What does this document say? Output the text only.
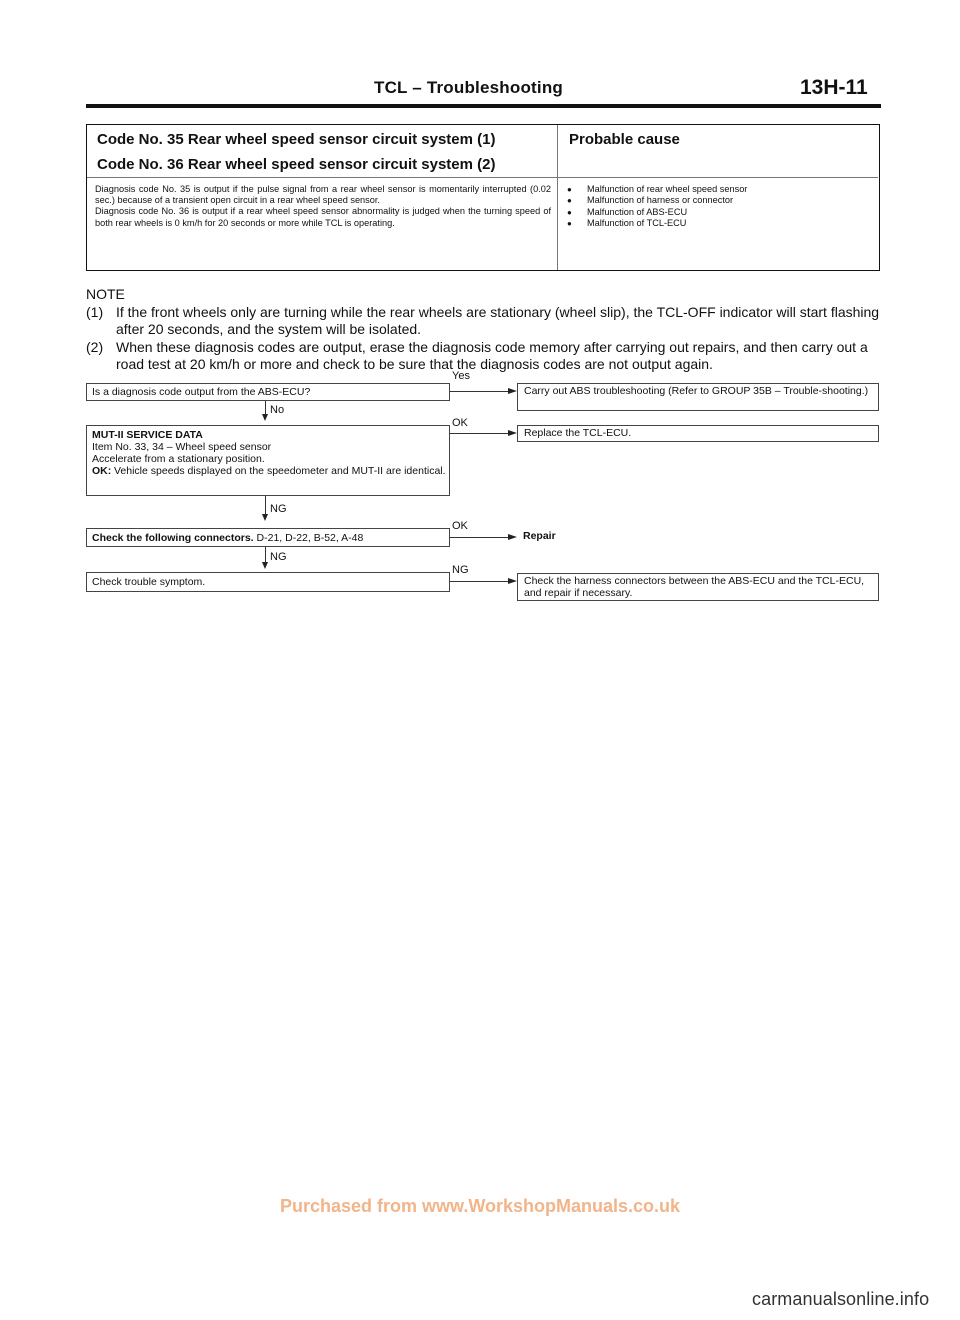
TCL – Troubleshooting	13H-11
Code No. 35 Rear wheel speed sensor circuit system (1)
Code No. 36 Rear wheel speed sensor circuit system (2)
Probable cause

Diagnosis code No. 35 is output if the pulse signal from a rear wheel sensor is momentarily interrupted (0.02 sec.) because of a transient open circuit in a rear wheel speed sensor.

Diagnosis code No. 36 is output if a rear wheel speed sensor abnormality is judged when the turning speed of both rear wheels is 0 km/h for 20 seconds or more while TCL is operating.

● Malfunction of rear wheel speed sensor
● Malfunction of harness or connector
● Malfunction of ABS-ECU
● Malfunction of TCL-ECU
NOTE
(1) If the front wheels only are turning while the rear wheels are stationary (wheel slip), the TCL-OFF indicator will start flashing after 20 seconds, and the system will be isolated.
(2) When these diagnosis codes are output, erase the diagnosis code memory after carrying out repairs, and then carry out a road test at 20 km/h or more and check to be sure that the diagnosis codes are not output again.
Is a diagnosis code output from the ABS-ECU?
Yes
Carry out ABS troubleshooting (Refer to GROUP 35B – Trouble-shooting.)
No
MUT-II SERVICE DATA
Item No. 33, 34 – Wheel speed sensor
Accelerate from a stationary position.
OK: Vehicle speeds displayed on the speedometer and MUT-II are identical.
OK
Replace the TCL-ECU.
NG
Check the following connectors. D-21, D-22, B-52, A-48
OK
Repair
NG
Check trouble symptom.
NG
Check the harness connectors between the ABS-ECU and the TCL-ECU, and repair if necessary.
Purchased from www.WorkshopManuals.co.uk
carmanualsonline.info
